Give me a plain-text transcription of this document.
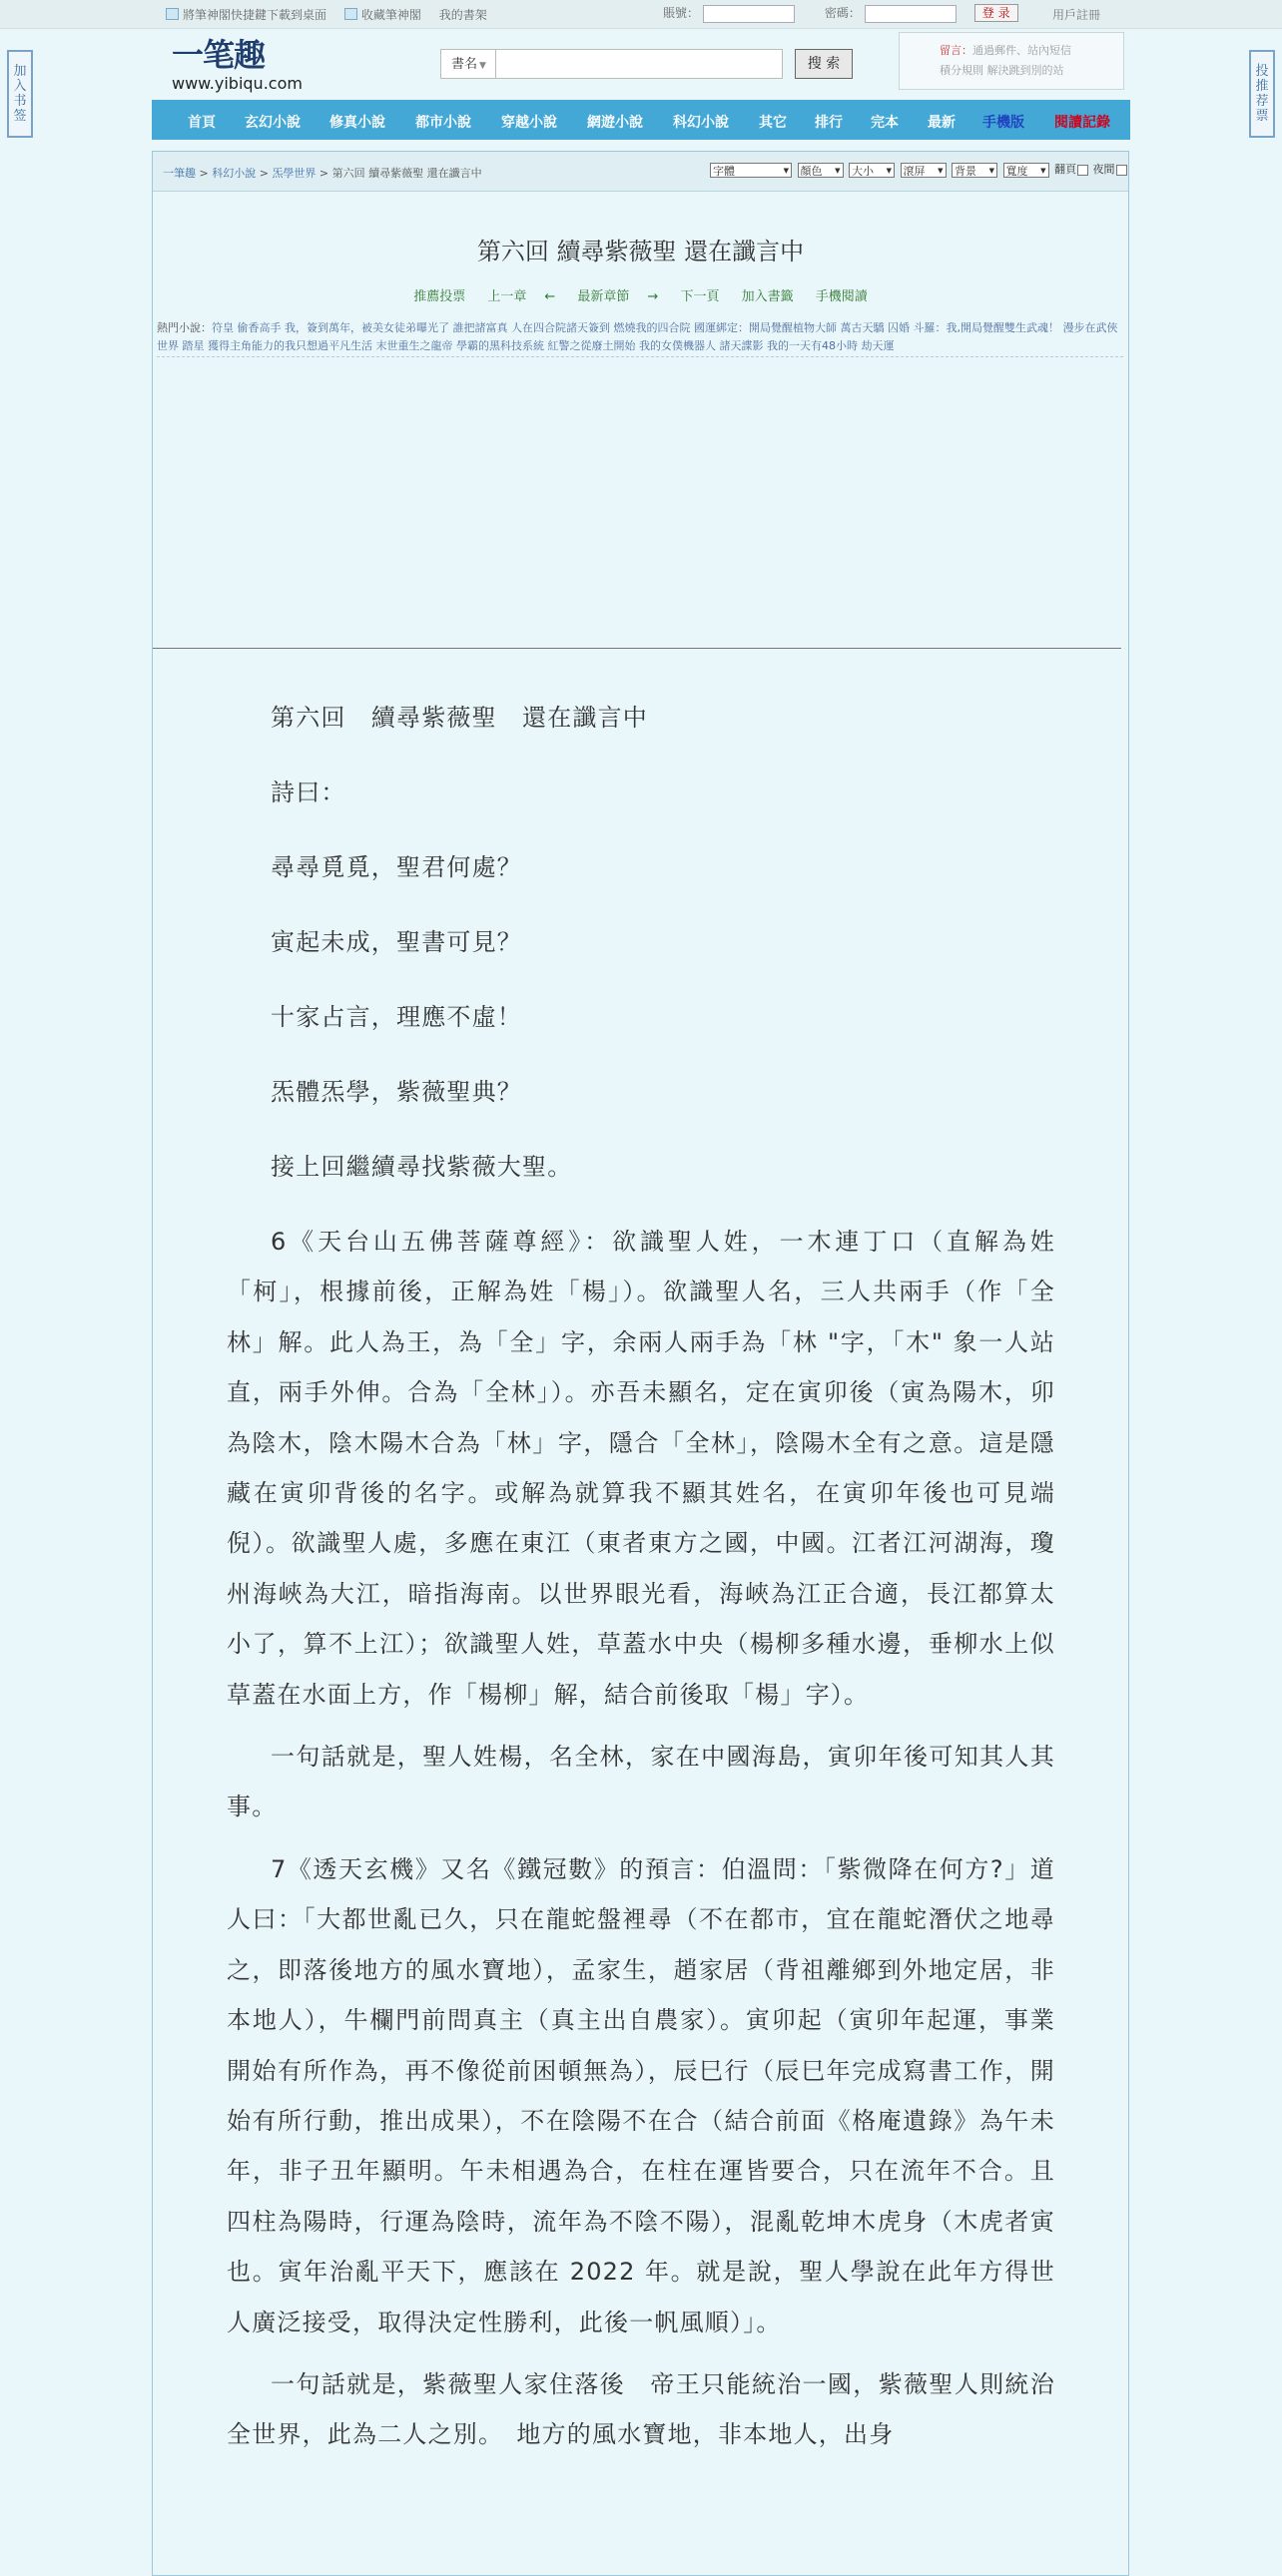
將筆神閣快捷鍵下載到桌面	收藏筆神閣 我的書架	賬號：	密碼：	登 录	用戶註冊
加入书签
投推荐票
一笔趣
www.yibiqu.com
書名 ▼	搜 索
留言：通過郵件、站內短信
積分規則 解決跳到別的站
首頁 玄幻小說 修真小說 都市小說 穿越小說 網遊小說 科幻小說 其它 排行 完本 最新 手機版 閱讀記錄
一筆趣 > 科幻小說 > 炁學世界 > 第六回 續尋紫薇聖 還在讖言中	字體 ▼	顏色 ▼	大小 ▼	滾屏 ▼	背景 ▼	寬度 ▼ 翻頁 夜間
第六回 續尋紫薇聖 還在讖言中
推薦投票 上一章 ← 最新章節 → 下一頁 加入書籤 手機閱讀
熱門小說：符皇 偷香高手 我，簽到萬年，被美女徒弟曝光了 誰把諸富真 人在四合院諸天簽到 燃燒我的四合院 國運綁定：開局覺醒植物大師 萬古天驕 囚婚 斗羅：我,開局覺醒雙生武魂！ 漫步在武俠世界 踏星 獲得主角能力的我只想過平凡生活 末世重生之龍帝 學霸的黑科技系統 紅警之從廢土開始 我的女僕機器人 諸天諜影 我的一天有48小時 劫天運

第六回　續尋紫薇聖　還在讖言中

詩曰：

尋尋覓覓，聖君何處？

寅起未成，聖書可見？

十家占言，理應不虛！

炁體炁學，紫薇聖典？

接上回繼續尋找紫薇大聖。

6《天台山五佛菩薩尊經》：欲識聖人姓，一木連丁口（直解為姓「柯」，根據前後，正解為姓「楊」）。欲識聖人名，三人共兩手（作「全林」解。此人為王，為「全」字，余兩人兩手為「林 "字，「木" 象一人站直，兩手外伸。合為「全林」）。亦吾未顯名，定在寅卯後（寅為陽木，卯為陰木，陰木陽木合為「林」字，隱合「全林」，陰陽木全有之意。這是隱藏在寅卯背後的名字。或解為就算我不顯其姓名，在寅卯年後也可見端倪）。欲識聖人處，多應在東江（東者東方之國，中國。江者江河湖海，瓊州海峽為大江，暗指海南。以世界眼光看，海峽為江正合適，長江都算太小了，算不上江）；欲識聖人姓，草蓋水中央（楊柳多種水邊，垂柳水上似草蓋在水面上方，作「楊柳」解，結合前後取「楊」字）。

一句話就是，聖人姓楊，名全林，家在中國海島，寅卯年後可知其人其事。

7《透天玄機》又名《鐵冠數》的預言：伯溫問：「紫微降在何方?」道人曰：「大都世亂已久，只在龍蛇盤裡尋（不在都市，宜在龍蛇潛伏之地尋之，即落後地方的風水寶地），孟家生，趙家居（背祖離鄉到外地定居，非本地人），牛欄門前問真主（真主出自農家）。寅卯起（寅卯年起運，事業開始有所作為，再不像從前困頓無為），辰巳行（辰巳年完成寫書工作，開始有所行動，推出成果），不在陰陽不在合（結合前面《格庵遺錄》為午未年，非子丑年顯明。午未相遇為合，在柱在運皆要合，只在流年不合。且四柱為陽時，行運為陰時，流年為不陰不陽），混亂乾坤木虎身（木虎者寅也。寅年治亂平天下，應該在 2022 年。就是說，聖人學說在此年方得世人廣泛接受，取得決定性勝利，此後一帆風順）」。

一句話就是，紫薇聖人家住落後　帝王只能統治一國，紫薇聖人則統治全世界，此為二人之別。　地方的風水寶地，非本地人，出身
